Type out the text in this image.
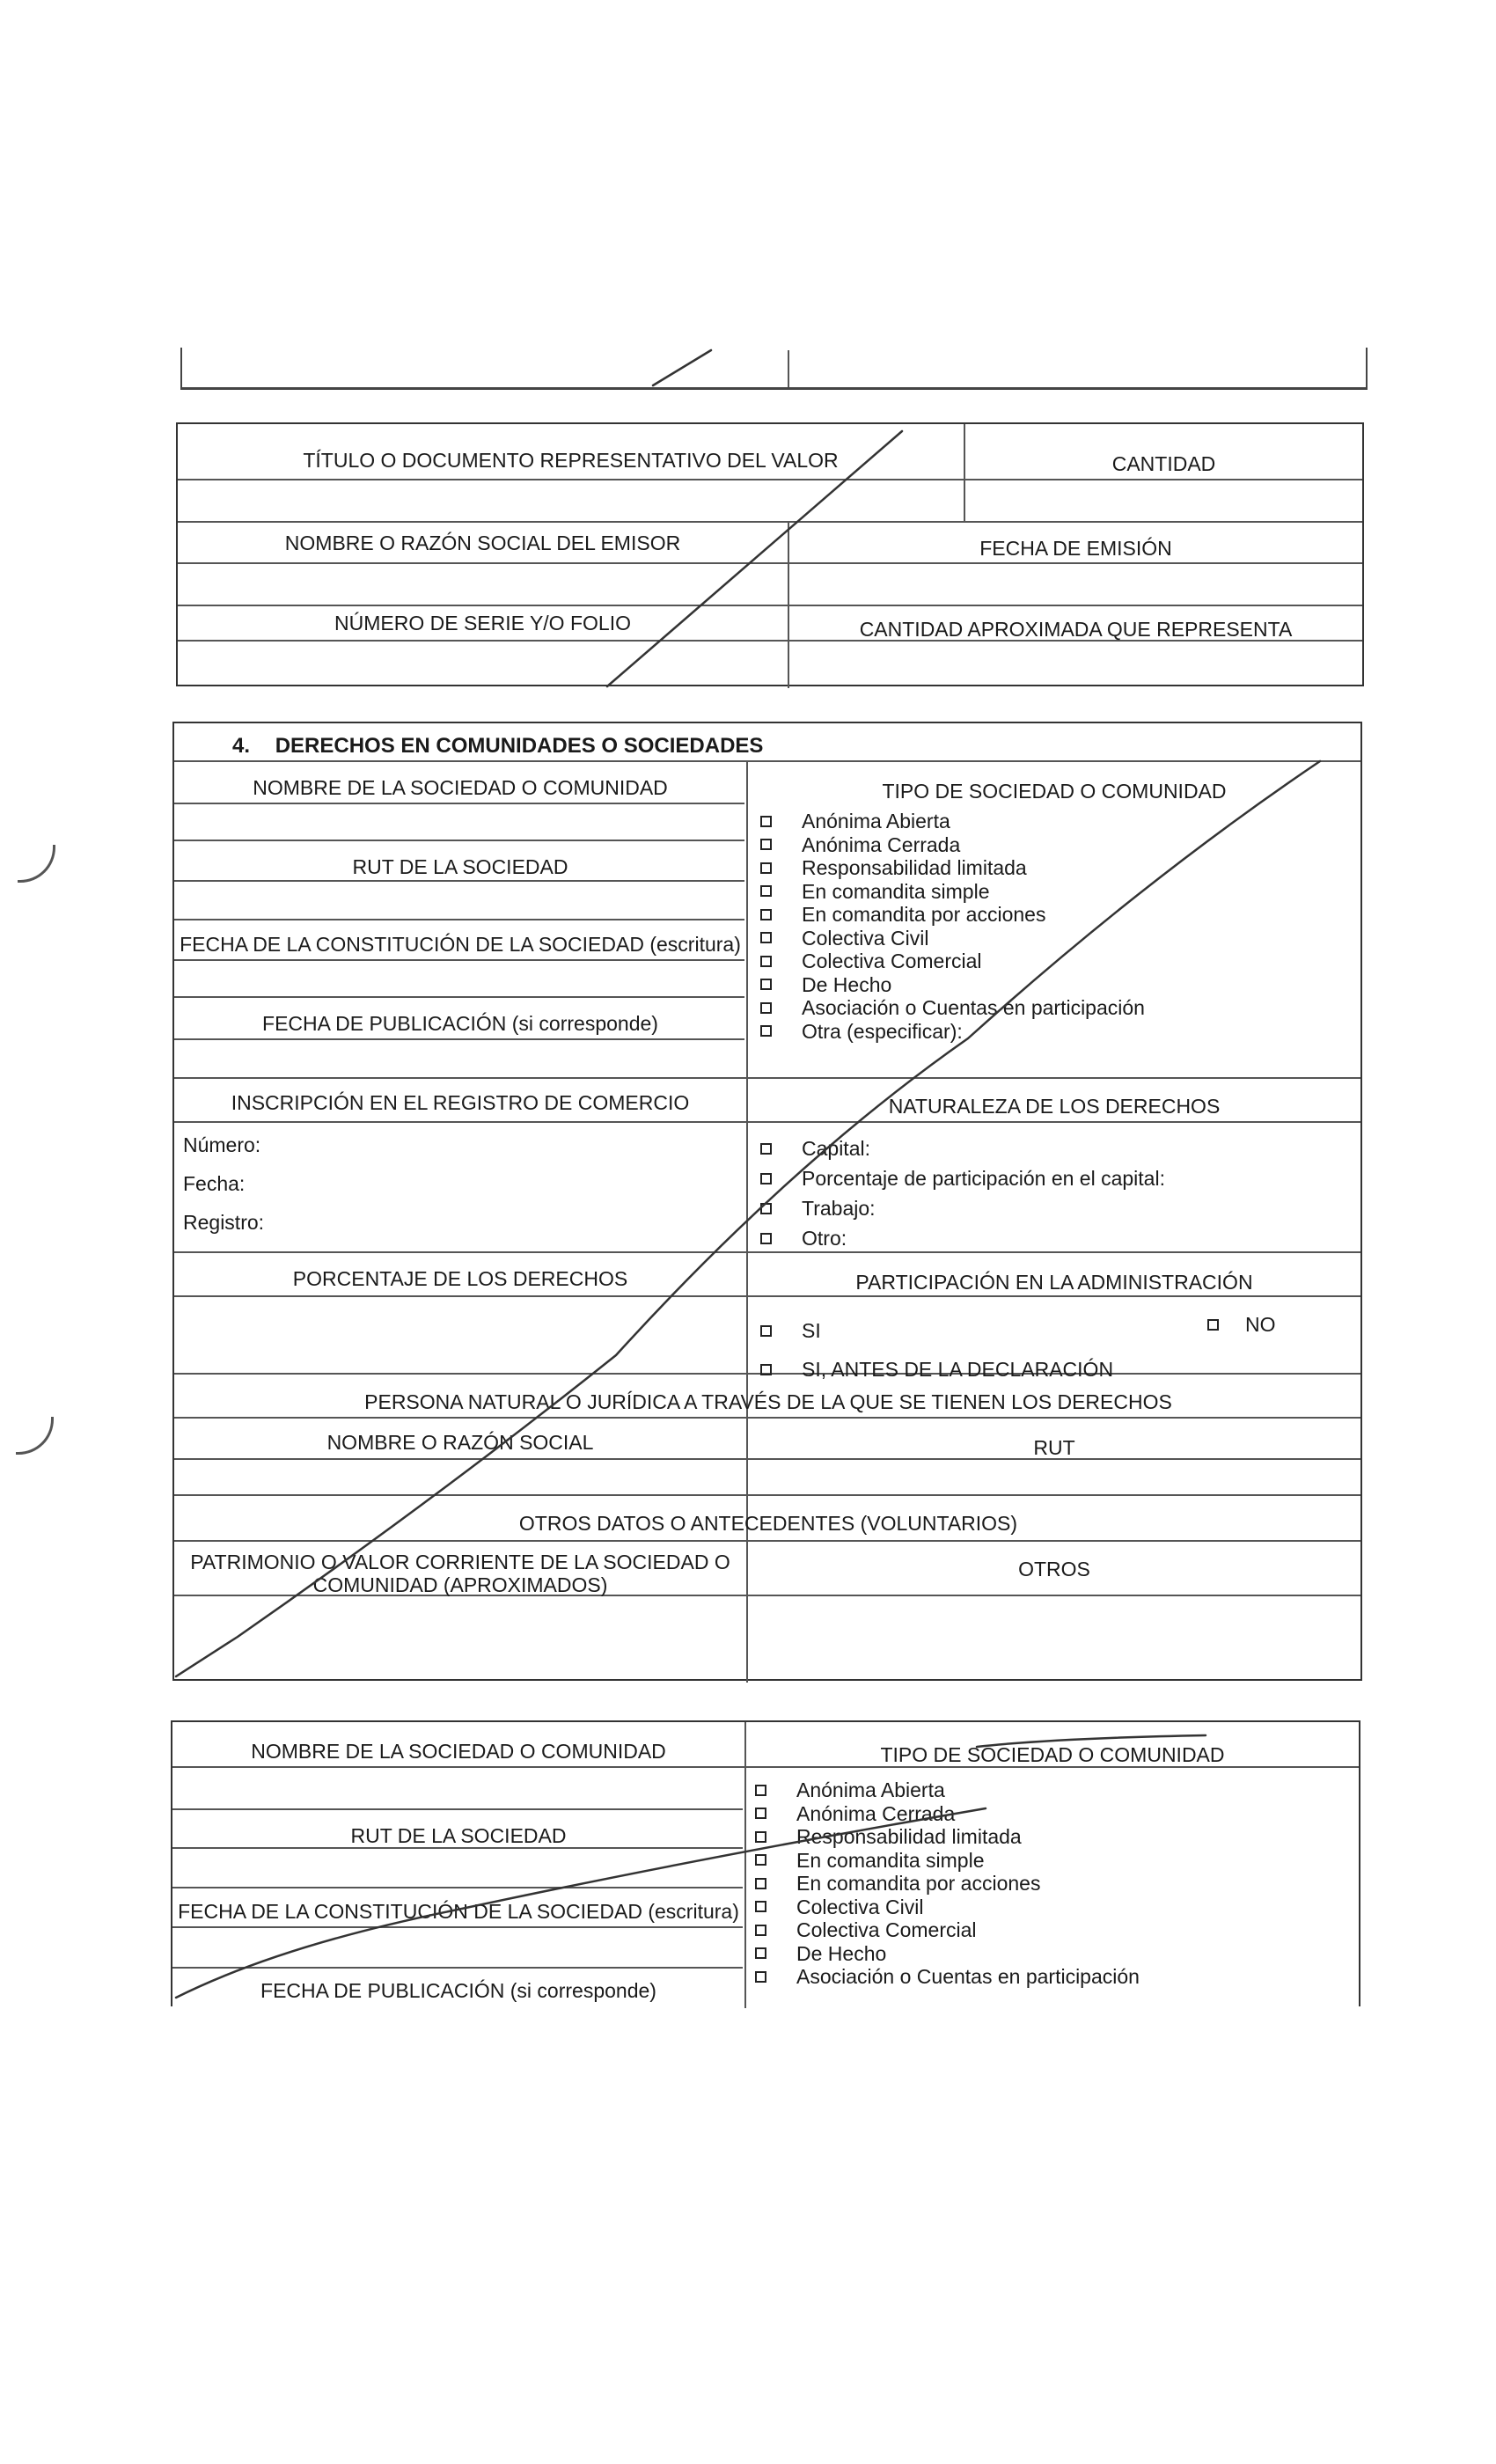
TÍTULO O DOCUMENTO REPRESENTATIVO DEL VALOR	CANTIDAD
NOMBRE O RAZÓN SOCIAL DEL EMISOR	FECHA DE EMISIÓN
NÚMERO DE SERIE Y/O FOLIO	CANTIDAD APROXIMADA QUE REPRESENTA
4. DERECHOS EN COMUNIDADES O SOCIEDADES
NOMBRE DE LA SOCIEDAD O COMUNIDAD
RUT DE LA SOCIEDAD
FECHA DE LA CONSTITUCIÓN DE LA SOCIEDAD (escritura)
FECHA DE PUBLICACIÓN (si corresponde)
TIPO DE SOCIEDAD O COMUNIDAD
Anónima Abierta
Anónima Cerrada
Responsabilidad limitada
En comandita simple
En comandita por acciones
Colectiva Civil
Colectiva Comercial
De Hecho
Asociación o Cuentas en participación
Otra (especificar):
INSCRIPCIÓN EN EL REGISTRO DE COMERCIO	NATURALEZA DE LOS DERECHOS
Número:
Fecha:
Registro:
Capital:
Porcentaje de participación en el capital:
Trabajo:
Otro:
PORCENTAJE DE LOS DERECHOS	PARTICIPACIÓN EN LA ADMINISTRACIÓN
SI
SI, ANTES DE LA DECLARACIÓN
NO
PERSONA NATURAL O JURÍDICA A TRAVÉS DE LA QUE SE TIENEN LOS DERECHOS
NOMBRE O RAZÓN SOCIAL	RUT
OTROS DATOS O ANTECEDENTES (VOLUNTARIOS)
PATRIMONIO O VALOR CORRIENTE DE LA SOCIEDAD O
COMUNIDAD (APROXIMADOS)
OTROS
NOMBRE DE LA SOCIEDAD O COMUNIDAD	TIPO DE SOCIEDAD O COMUNIDAD
RUT DE LA SOCIEDAD
FECHA DE LA CONSTITUCIÓN DE LA SOCIEDAD (escritura)
FECHA DE PUBLICACIÓN (si corresponde)
Anónima Abierta
Anónima Cerrada
Responsabilidad limitada
En comandita simple
En comandita por acciones
Colectiva Civil
Colectiva Comercial
De Hecho
Asociación o Cuentas en participación
